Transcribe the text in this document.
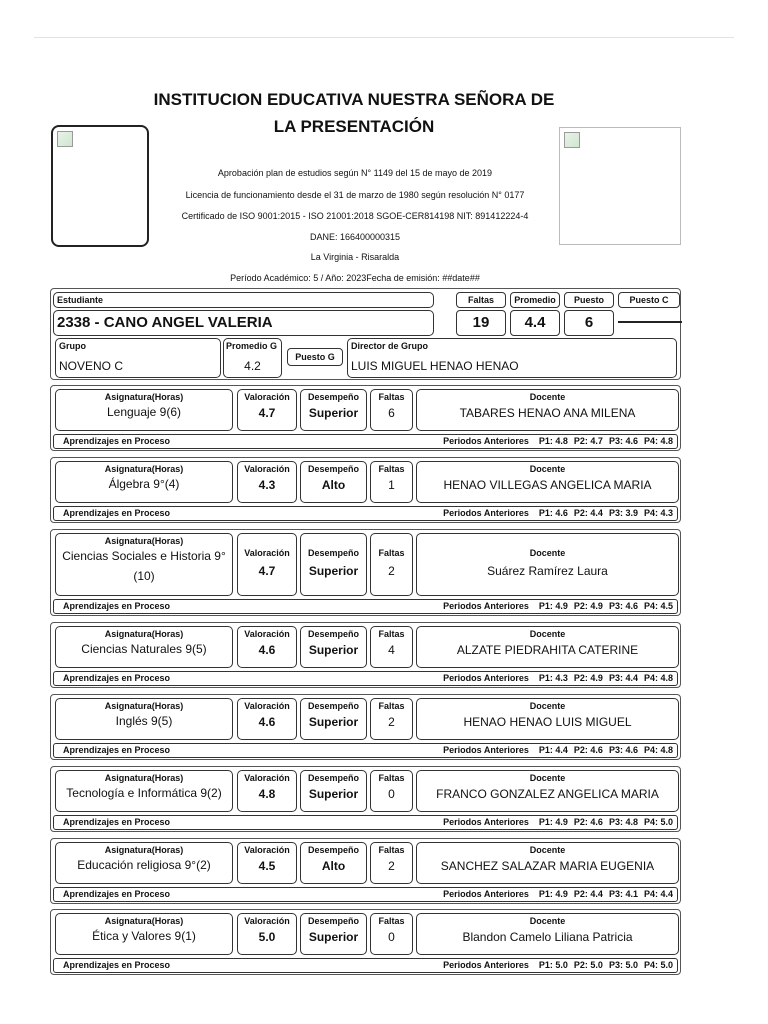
INSTITUCION EDUCATIVA NUESTRA SEÑORA DE LA PRESENTACIÓN
Aprobación plan de estudios según N° 1149 del 15 de mayo de 2019
Licencia de funcionamiento desde el 31 de marzo de 1980 según resolución N° 0177
Certificado de ISO 9001:2015 - ISO 21001:2018 SGOE-CER814198 NIT: 891412224-4
DANE: 166400000315
La Virginia - Risaralda
Período Académico: 5 / Año: 2023Fecha de emisión: ##date##
Estudiante
2338 - CANO ANGEL VALERIA
Faltas	Promedio	Puesto	Puesto C
19	4.4	6
Grupo
NOVENO C
Promedio G
4.2
Puesto G
Director de Grupo
LUIS MIGUEL HENAO HENAO
Asignatura(Horas)
Lenguaje 9(6)
Valoración
4.7
Desempeño
Superior
Faltas
6
Docente
TABARES HENAO ANA MILENA
Aprendizajes en Proceso	Periodos Anteriores P1: 4.8 P2: 4.7 P3: 4.6 P4: 4.8
Asignatura(Horas)
Álgebra 9°(4)
Valoración
4.3
Desempeño
Alto
Faltas
1
Docente
HENAO VILLEGAS ANGELICA MARIA
Aprendizajes en Proceso	Periodos Anteriores P1: 4.6 P2: 4.4 P3: 3.9 P4: 4.3
Asignatura(Horas)
Ciencias Sociales e Historia 9°(10)
Valoración
4.7
Desempeño
Superior
Faltas
2
Docente
Suárez Ramírez Laura
Aprendizajes en Proceso	Periodos Anteriores P1: 4.9 P2: 4.9 P3: 4.6 P4: 4.5
Asignatura(Horas)
Ciencias Naturales 9(5)
Valoración
4.6
Desempeño
Superior
Faltas
4
Docente
ALZATE PIEDRAHITA CATERINE
Aprendizajes en Proceso	Periodos Anteriores P1: 4.3 P2: 4.9 P3: 4.4 P4: 4.8
Asignatura(Horas)
Inglés 9(5)
Valoración
4.6
Desempeño
Superior
Faltas
2
Docente
HENAO HENAO LUIS MIGUEL
Aprendizajes en Proceso	Periodos Anteriores P1: 4.4 P2: 4.6 P3: 4.6 P4: 4.8
Asignatura(Horas)
Tecnología e Informática 9(2)
Valoración
4.8
Desempeño
Superior
Faltas
0
Docente
FRANCO GONZALEZ ANGELICA MARIA
Aprendizajes en Proceso	Periodos Anteriores P1: 4.9 P2: 4.6 P3: 4.8 P4: 5.0
Asignatura(Horas)
Educación religiosa 9°(2)
Valoración
4.5
Desempeño
Alto
Faltas
2
Docente
SANCHEZ SALAZAR MARIA EUGENIA
Aprendizajes en Proceso	Periodos Anteriores P1: 4.9 P2: 4.4 P3: 4.1 P4: 4.4
Asignatura(Horas)
Ética y Valores 9(1)
Valoración
5.0
Desempeño
Superior
Faltas
0
Docente
Blandon Camelo Liliana Patricia
Aprendizajes en Proceso	Periodos Anteriores P1: 5.0 P2: 5.0 P3: 5.0 P4: 5.0
